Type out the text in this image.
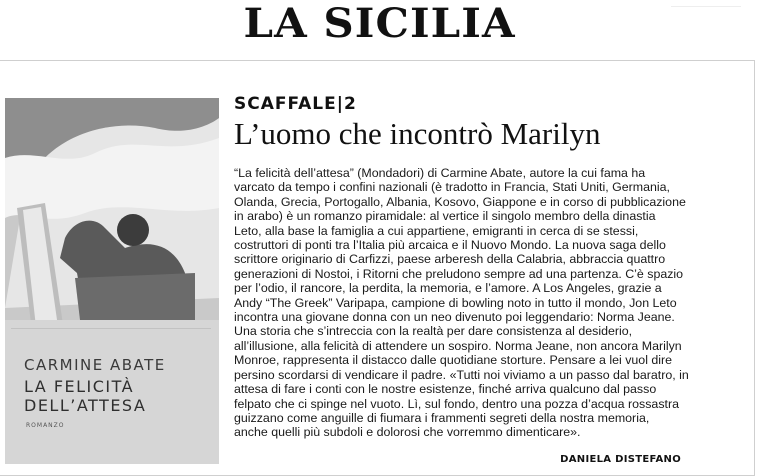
LA SICILIA
CARMINE ABATE
LA FELICITÀ
DELL’ATTESA
ROMANZO
SCAFFALE|2
L’uomo che incontrò Marilyn
“La felicità dell’attesa” (Mondadori) di Carmine Abate, autore la cui fama ha
varcato da tempo i confini nazionali (è tradotto in Francia, Stati Uniti, Germania,
Olanda, Grecia, Portogallo, Albania, Kosovo, Giappone e in corso di pubblicazione
in arabo) è un romanzo piramidale: al vertice il singolo membro della dinastia
Leto, alla base la famiglia a cui appartiene, emigranti in cerca di se stessi,
costruttori di ponti tra l’Italia più arcaica e il Nuovo Mondo. La nuova saga dello
scrittore originario di Carfizzi, paese arberesh della Calabria, abbraccia quattro
generazioni di Nostoi, i Ritorni che preludono sempre ad una partenza. C’è spazio
per l’odio, il rancore, la perdita, la memoria, e l’amore. A Los Angeles, grazie a
Andy “The Greek” Varipapa, campione di bowling noto in tutto il mondo, Jon Leto
incontra una giovane donna con un neo divenuto poi leggendario: Norma Jeane.
Una storia che s’intreccia con la realtà per dare consistenza al desiderio,
all’illusione, alla felicità di attendere un sospiro. Norma Jeane, non ancora Marilyn
Monroe, rappresenta il distacco dalle quotidiane storture. Pensare a lei vuol dire
persino scordarsi di vendicare il padre. «Tutti noi viviamo a un passo dal baratro, in
attesa di fare i conti con le nostre esistenze, finché arriva qualcuno dal passo
felpato che ci spinge nel vuoto. Lì, sul fondo, dentro una pozza d’acqua rossastra
guizzano come anguille di fiumara i frammenti segreti della nostra memoria,
anche quelli più subdoli e dolorosi che vorremmo dimenticare».
DANIELA DISTEFANO
